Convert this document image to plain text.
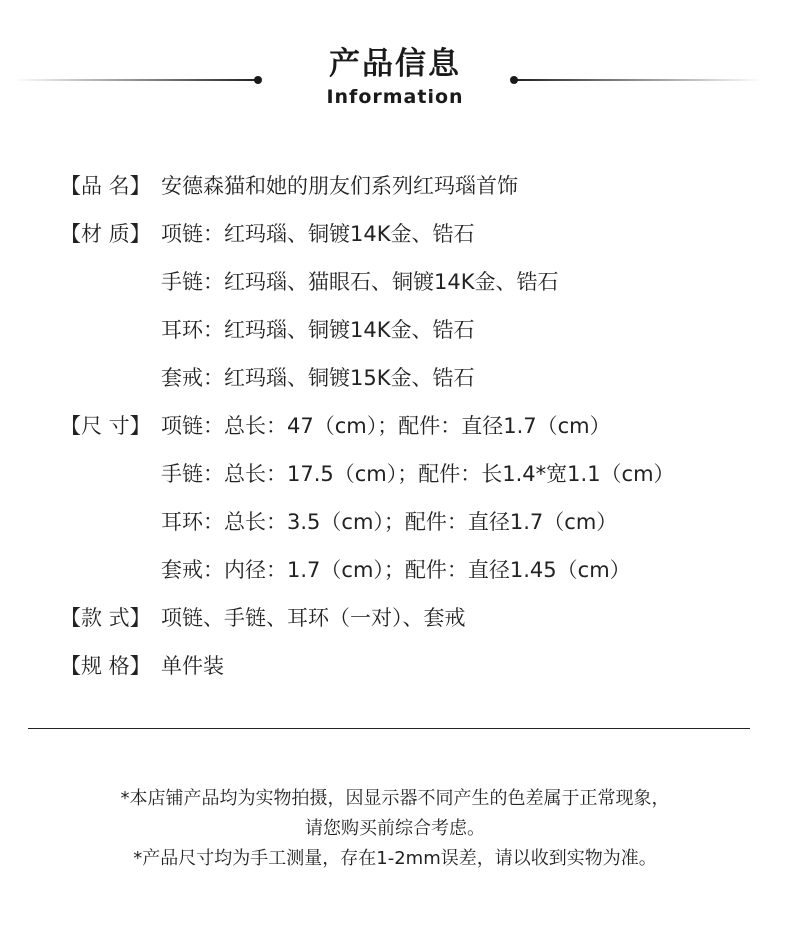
产品信息
Information
【品 名】 安德森猫和她的朋友们系列红玛瑙首饰
【材 质】 项链：红玛瑙、铜镀14K金、锆石
手链：红玛瑙、猫眼石、铜镀14K金、锆石
耳环：红玛瑙、铜镀14K金、锆石
套戒：红玛瑙、铜镀15K金、锆石
【尺 寸】 项链：总长：47（cm）；配件：直径1.7（cm）
手链：总长：17.5（cm）；配件：长1.4*宽1.1（cm）
耳环：总长：3.5（cm）；配件：直径1.7（cm）
套戒：内径：1.7（cm）；配件：直径1.45（cm）
【款 式】 项链、手链、耳环（一对）、套戒
【规 格】 单件装
*本店铺产品均为实物拍摄，因显示器不同产生的色差属于正常现象，
请您购买前综合考虑。
*产品尺寸均为手工测量，存在1-2mm误差，请以收到实物为准。
